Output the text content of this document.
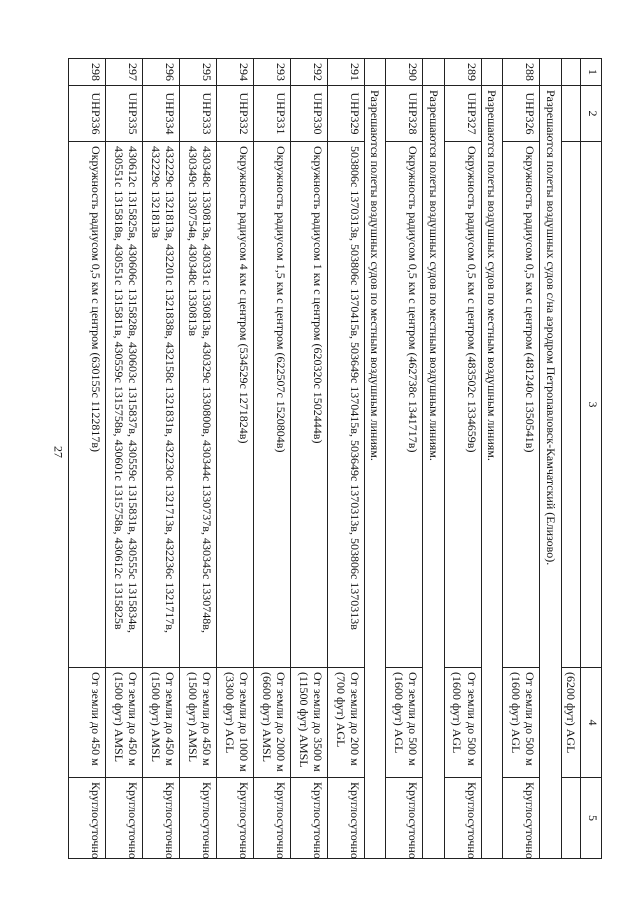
27
1	2	3	4	5
			(6200 фут) AGL	
	Разрешаются полеты воздушных судов с/на аэродром Петропавловск-Камчатский (Елизово).			
288	UHP326	Окружность радиусом 0,5 км с центром (481240с 1350541в)	От земли до 500 м (1600 фут) AGL	Круглосуточно
	Разрешаются полеты воздушных судов по местным воздушным линиям.			
289	UHP327	Окружность радиусом 0,5 км с центром (483502с 1334659в)	От земли до 500 м (1600 фут) AGL	Круглосуточно
	Разрешаются полеты воздушных судов по местным воздушным линиям.			
290	UHP328	Окружность радиусом 0,5 км с центром (462738с 1341717в)	От земли до 500 м (1600 фут) AGL	Круглосуточно
	Разрешаются полеты воздушных судов по местным воздушным линиям.			
291	UHP329	503806с 1370313в, 503806с 1370415в, 503649с 1370415в, 503649с 1370313в, 503806с 1370313в	От земли до 200 м (700 фут) AGL	Круглосуточно
292	UHP330	Окружность радиусом 1 км с центром (620320с 1502444в)	От земли до 3500 м (11500 фут) AMSL	Круглосуточно
293	UHP331	Окружность радиусом 1,5 км с центром (622507с 1520804в)	От земли до 2000 м (6600 фут) AMSL	Круглосуточно
294	UHP332	Окружность радиусом 4 км с центром (534529с 1271824в)	От земли до 1000 м (3300 фут) AGL	Круглосуточно
295	UHP333	430348с 1330813в, 430331с 1330813в, 430329с 1330800в, 430344с 1330737в, 430345с 1330748в, 430349с 1330754в, 430348с 1330813в	От земли до 450 м (1500 фут) AMSL	Круглосуточно
296	UHP334	432229с 1321813в, 432201с 1321838в, 432158с 1321831в, 432230с 1321713в, 432236с 1321717в, 432229с 1321813в	От земли до 450 м (1500 фут) AMSL	Круглосуточно
297	UHP335	430612с 1315825в, 430606с 1315828в, 430603с 1315837в, 430559с 1315831в, 430555с 1315834в, 430551с 1315818в, 430551с 1315811в, 430559с 1315758в, 430601с 1315758в, 430612с 1315825в	От земли до 450 м (1500 фут) AMSL	Круглосуточно
298	UHP336	Окружность радиусом 0,5 км с центром (630155с 1122817в)	От земли до 450 м	Круглосуточно
